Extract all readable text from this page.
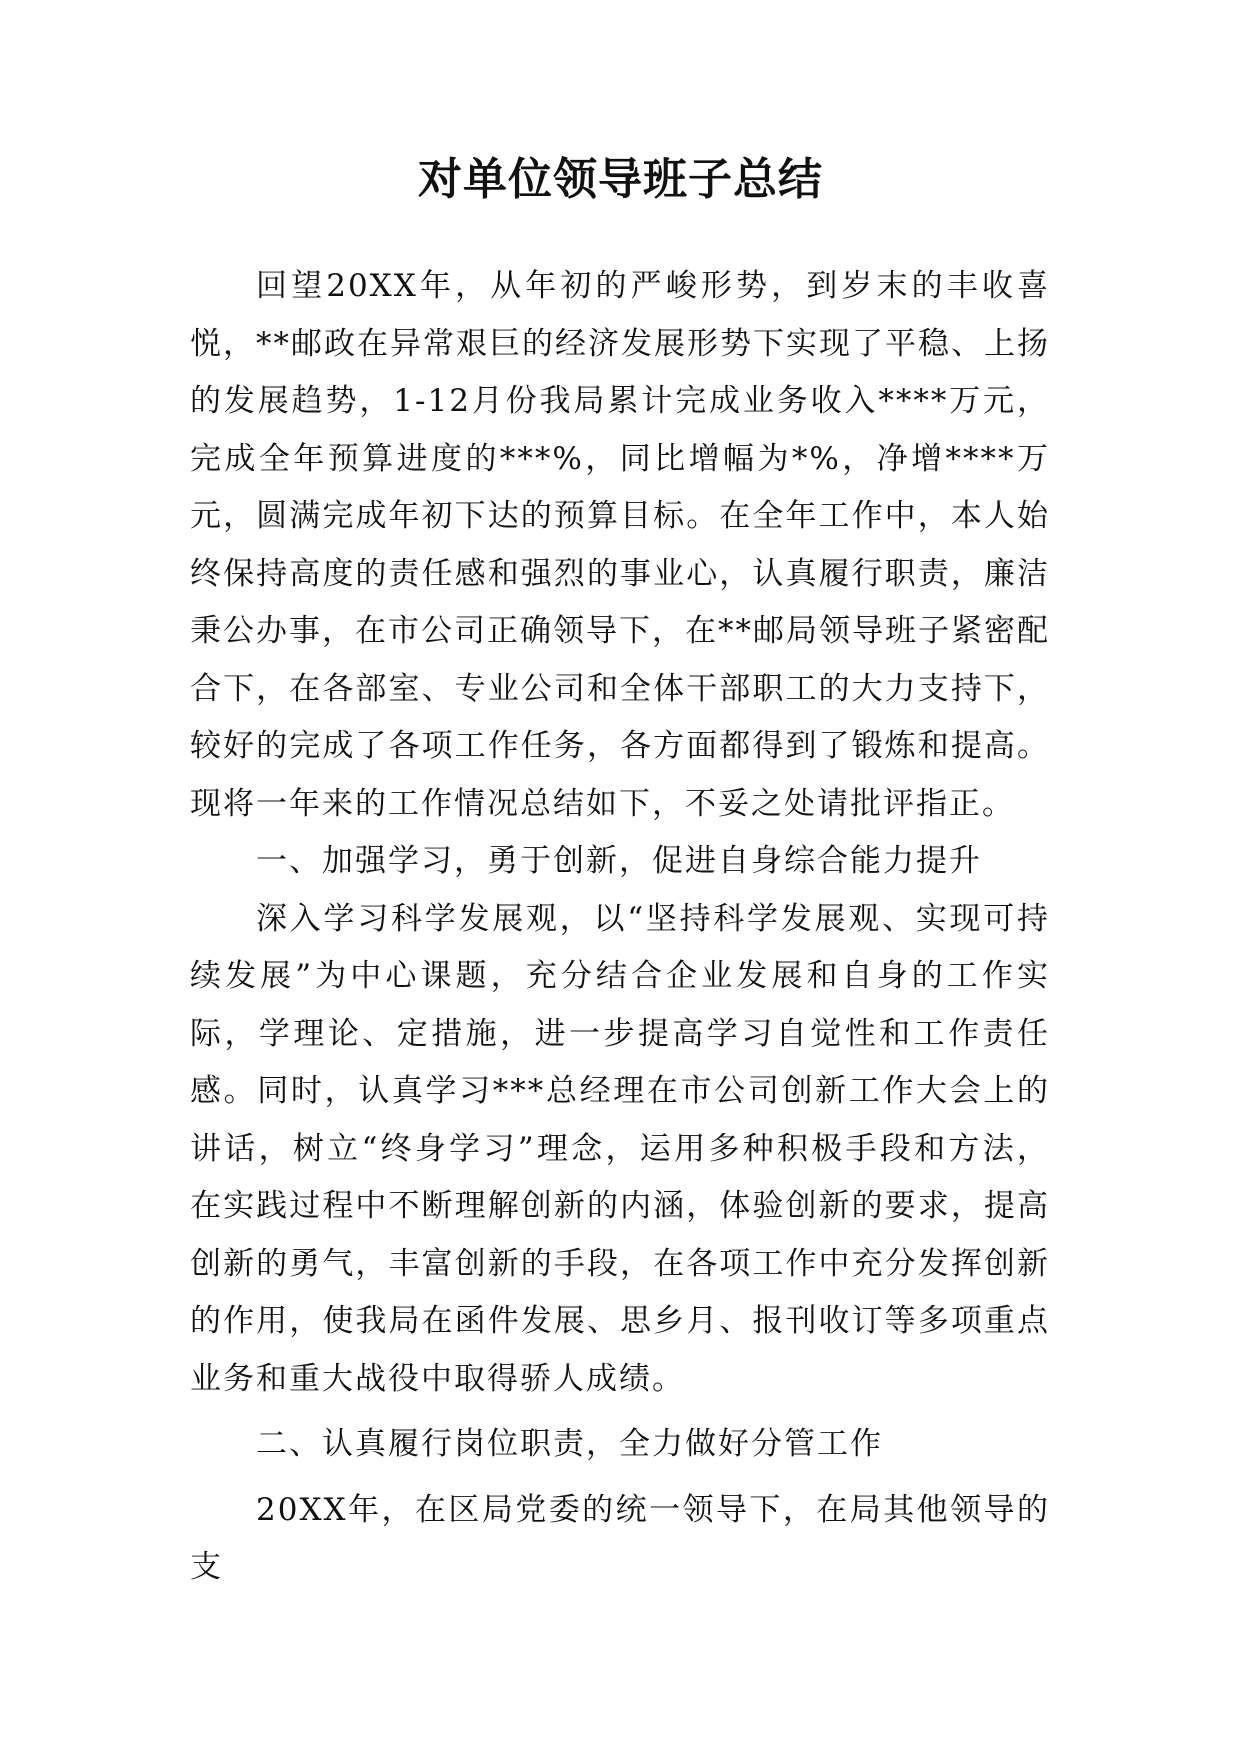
对单位领导班子总结

回望20XX年，从年初的严峻形势，到岁末的丰收喜悦，**邮政在异常艰巨的经济发展形势下实现了平稳、上扬的发展趋势，1-12月份我局累计完成业务收入****万元，完成全年预算进度的***%，同比增幅为*%，净增****万元，圆满完成年初下达的预算目标。在全年工作中，本人始终保持高度的责任感和强烈的事业心，认真履行职责，廉洁秉公办事，在市公司正确领导下，在**邮局领导班子紧密配合下，在各部室、专业公司和全体干部职工的大力支持下，较好的完成了各项工作任务，各方面都得到了锻炼和提高。现将一年来的工作情况总结如下，不妥之处请批评指正。

一、加强学习，勇于创新，促进自身综合能力提升

深入学习科学发展观，以“坚持科学发展观、实现可持续发展”为中心课题，充分结合企业发展和自身的工作实际，学理论、定措施，进一步提高学习自觉性和工作责任感。同时，认真学习***总经理在市公司创新工作大会上的讲话，树立“终身学习”理念，运用多种积极手段和方法，在实践过程中不断理解创新的内涵，体验创新的要求，提高创新的勇气，丰富创新的手段，在各项工作中充分发挥创新的作用，使我局在函件发展、思乡月、报刊收订等多项重点业务和重大战役中取得骄人成绩。

二、认真履行岗位职责，全力做好分管工作

20XX年，在区局党委的统一领导下，在局其他领导的支
